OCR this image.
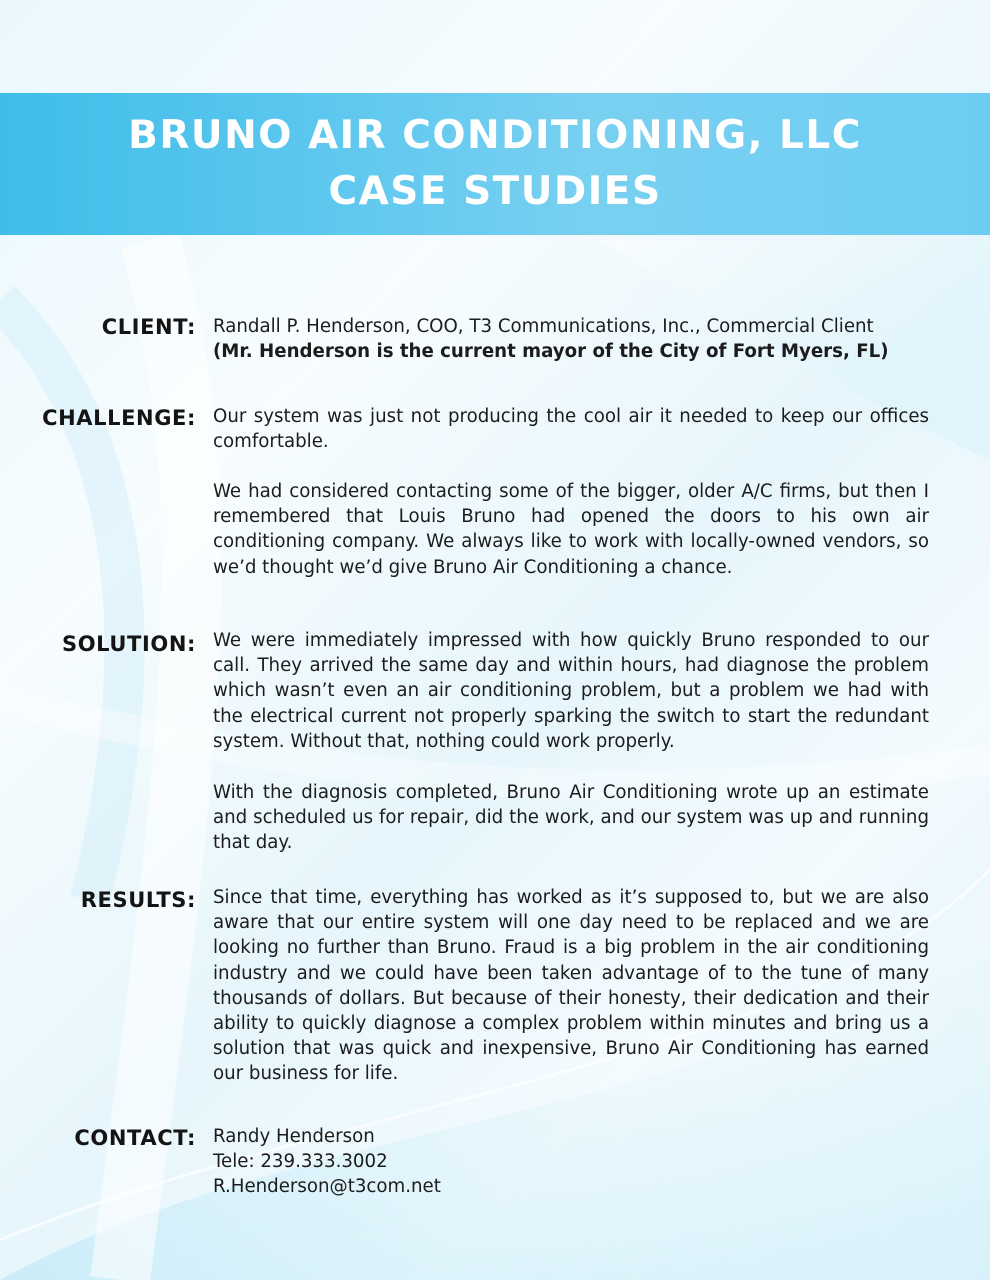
BRUNO AIR CONDITIONING, LLC
CASE STUDIES
CLIENT: Randall P. Henderson, COO, T3 Communications, Inc., Commercial Client

(Mr. Henderson is the current mayor of the City of Fort Myers, FL)

CHALLENGE: Our system was just not producing the cool air it needed to keep our offices comfortable.

We had considered contacting some of the bigger, older A/C firms, but then I remembered that Louis Bruno had opened the doors to his own air conditioning company. We always like to work with locally-owned vendors, so we’d thought we’d give Bruno Air Conditioning a chance.

SOLUTION: We were immediately impressed with how quickly Bruno responded to our call. They arrived the same day and within hours, had diagnose the problem which wasn’t even an air conditioning problem, but a problem we had with the electrical current not properly sparking the switch to start the redundant system. Without that, nothing could work properly.

With the diagnosis completed, Bruno Air Conditioning wrote up an estimate and scheduled us for repair, did the work, and our system was up and running that day.

RESULTS: Since that time, everything has worked as it’s supposed to, but we are also aware that our entire system will one day need to be replaced and we are looking no further than Bruno. Fraud is a big problem in the air conditioning industry and we could have been taken advantage of to the tune of many thousands of dollars. But because of their honesty, their dedication and their ability to quickly diagnose a complex problem within minutes and bring us a solution that was quick and inexpensive, Bruno Air Conditioning has earned our business for life.

CONTACT: Randy Henderson

Tele: 239.333.3002

R.Henderson@t3com.net
